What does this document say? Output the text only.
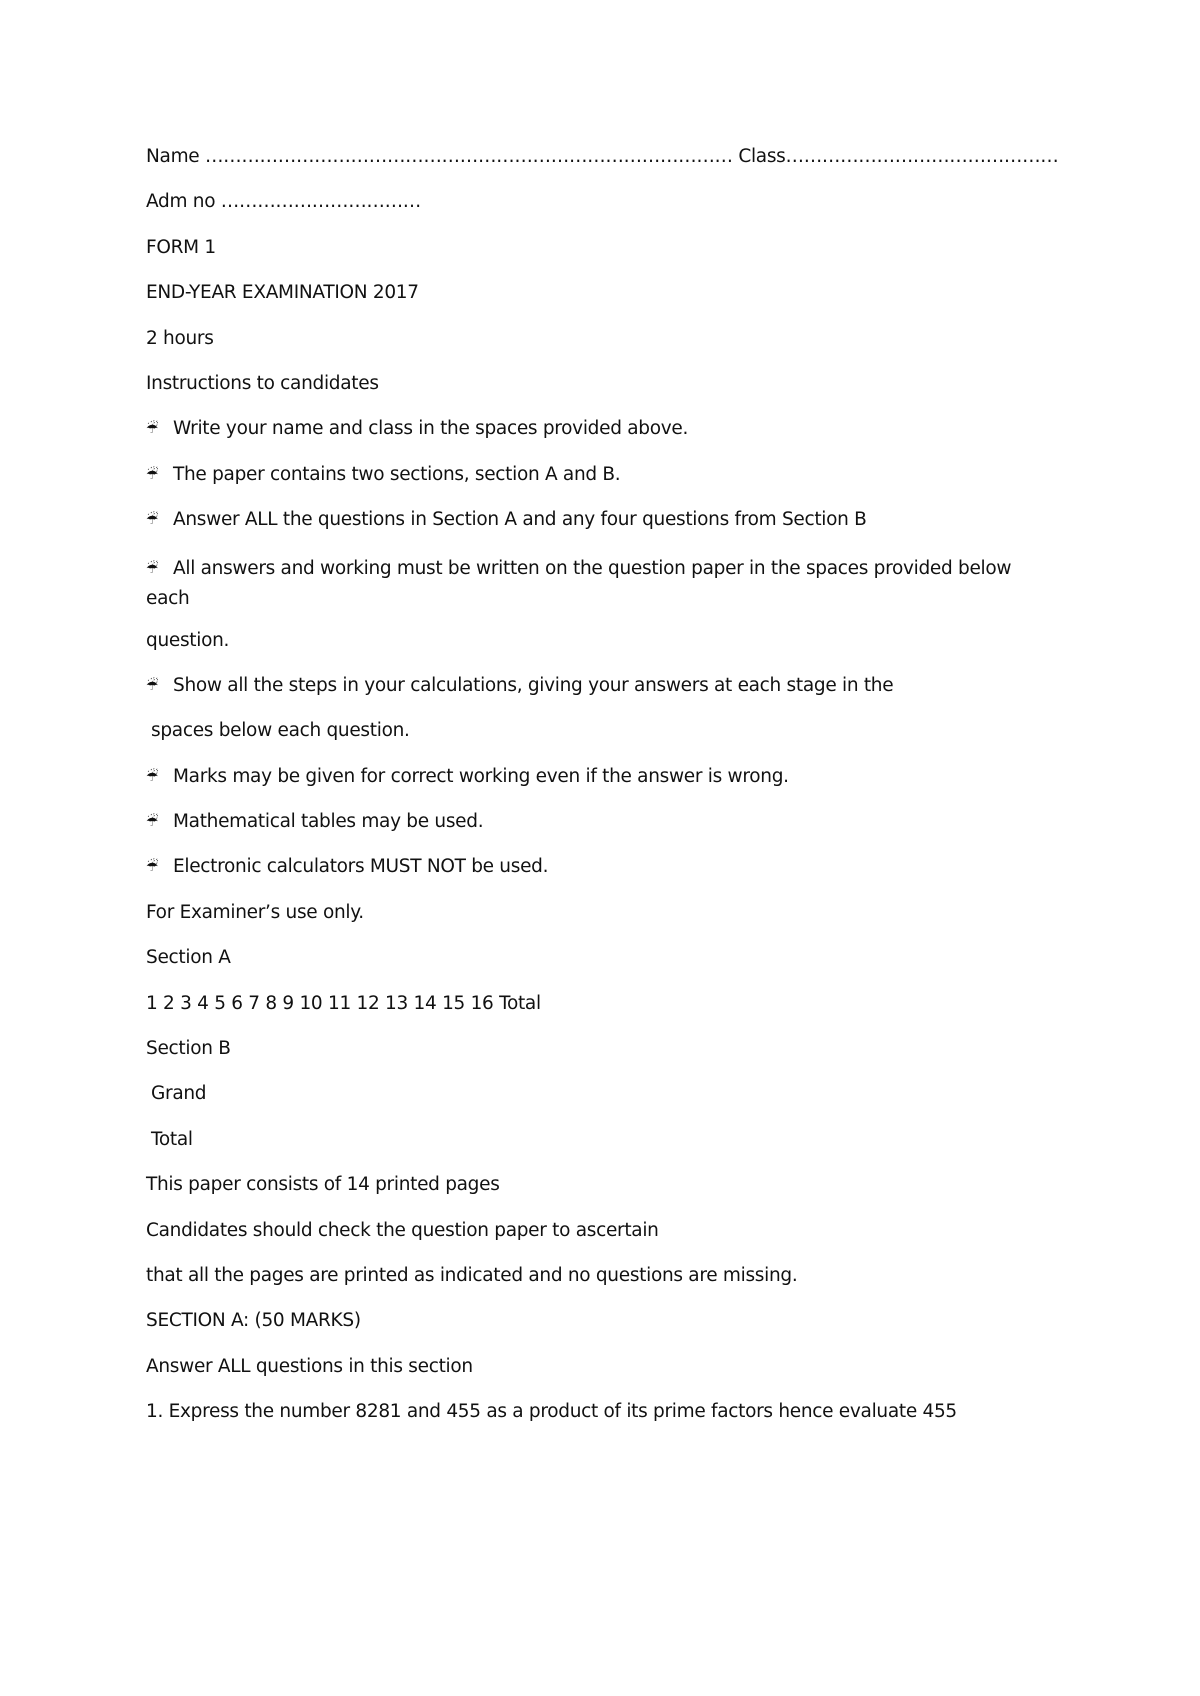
Name …………………………………………………………………………… Class………………………………………
Adm no ……………………………
FORM 1
END-YEAR EXAMINATION 2017
2 hours
Instructions to candidates
☔ Write your name and class in the spaces provided above.
☔ The paper contains two sections, section A and B.
☔ Answer ALL the questions in Section A and any four questions from Section B
☔ All answers and working must be written on the question paper in the spaces provided below each
question.
☔ Show all the steps in your calculations, giving your answers at each stage in the
spaces below each question.
☔ Marks may be given for correct working even if the answer is wrong.
☔ Mathematical tables may be used.
☔ Electronic calculators MUST NOT be used.
For Examiner’s use only.
Section A
1 2 3 4 5 6 7 8 9 10 11 12 13 14 15 16 Total
Section B
Grand
Total
This paper consists of 14 printed pages
Candidates should check the question paper to ascertain
that all the pages are printed as indicated and no questions are missing.
SECTION A: (50 MARKS)
Answer ALL questions in this section
1. Express the number 8281 and 455 as a product of its prime factors hence evaluate 455
